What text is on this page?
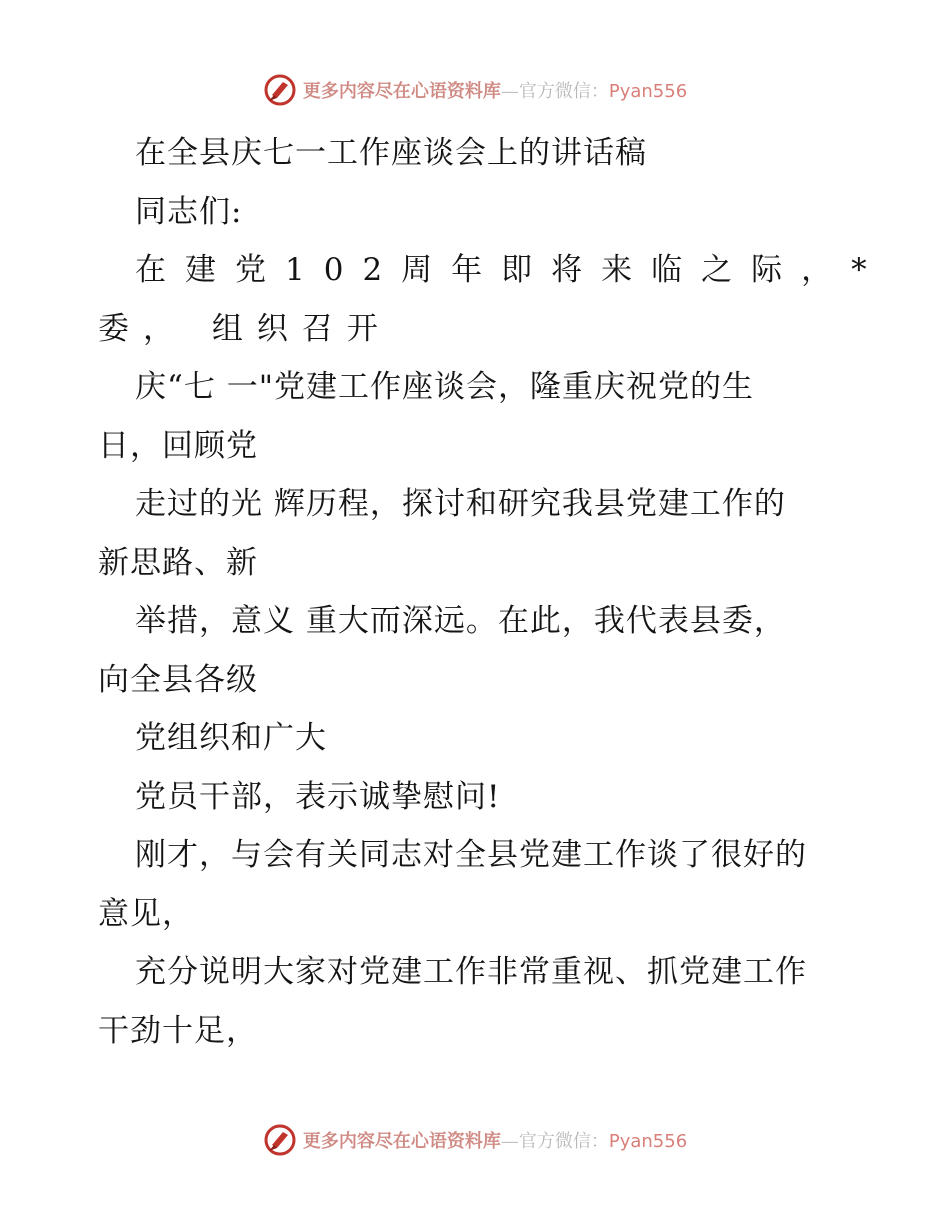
更多内容尽在心语资料库—官方微信：Pyan556
在全县庆七一工作座谈会上的讲话稿
同志们:
在建党102周年即将来临之际，*
委， 组织召开
庆“七 一"党建工作座谈会，隆重庆祝党的生
日，回顾党
走过的光 辉历程，探讨和研究我县党建工作的
新思路、新
举措，意义 重大而深远。在此，我代表县委，
向全县各级
党组织和广大
党员干部，表示诚挚慰问!
刚才，与会有关同志对全县党建工作谈了很好的
意见，
充分说明大家对党建工作非常重视、抓党建工作
干劲十足，
更多内容尽在心语资料库—官方微信：Pyan556
